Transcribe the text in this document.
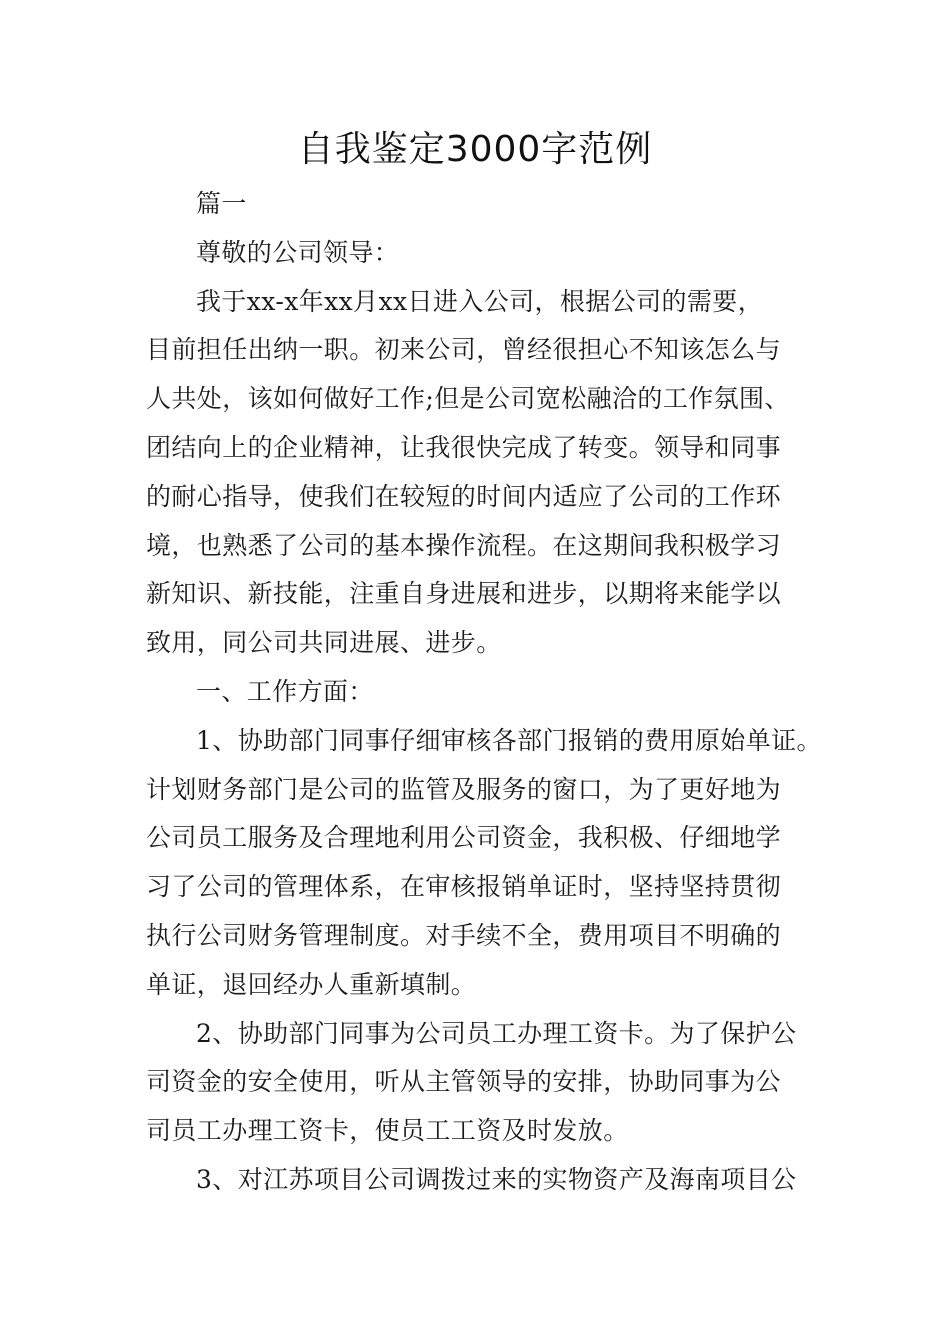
自我鉴定3000字范例

篇一

尊敬的公司领导：

我于xx-x年xx月xx日进入公司，根据公司的需要，
目前担任出纳一职。初来公司，曾经很担心不知该怎么与
人共处，该如何做好工作;但是公司宽松融洽的工作氛围、
团结向上的企业精神，让我很快完成了转变。领导和同事
的耐心指导，使我们在较短的时间内适应了公司的工作环
境，也熟悉了公司的基本操作流程。在这期间我积极学习
新知识、新技能，注重自身进展和进步，以期将来能学以
致用，同公司共同进展、进步。

一、工作方面：

1、协助部门同事仔细审核各部门报销的费用原始单证。
计划财务部门是公司的监管及服务的窗口，为了更好地为
公司员工服务及合理地利用公司资金，我积极、仔细地学
习了公司的管理体系，在审核报销单证时，坚持坚持贯彻
执行公司财务管理制度。对手续不全，费用项目不明确的
单证，退回经办人重新填制。

2、协助部门同事为公司员工办理工资卡。为了保护公
司资金的安全使用，听从主管领导的安排，协助同事为公
司员工办理工资卡，使员工工资及时发放。

3、对江苏项目公司调拨过来的实物资产及海南项目公
